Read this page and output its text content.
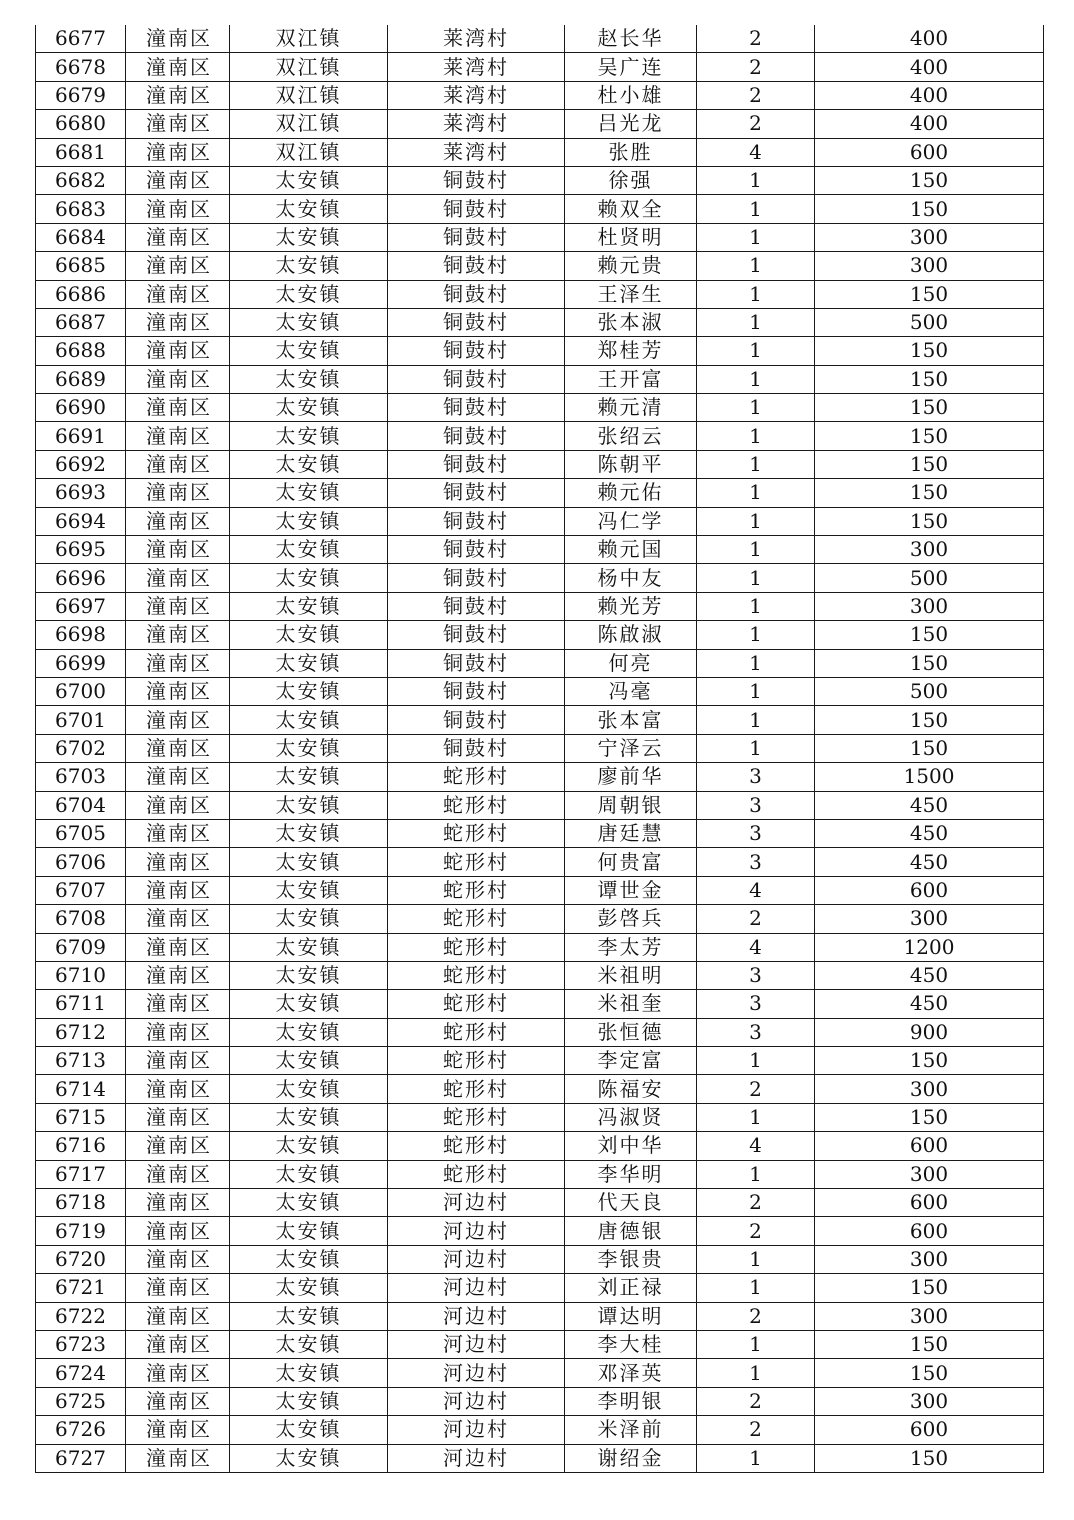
6677	潼南区	双江镇	莱湾村	赵长华	2	400
6678	潼南区	双江镇	莱湾村	吴广连	2	400
6679	潼南区	双江镇	莱湾村	杜小雄	2	400
6680	潼南区	双江镇	莱湾村	吕光龙	2	400
6681	潼南区	双江镇	莱湾村	张胜	4	600
6682	潼南区	太安镇	铜鼓村	徐强	1	150
6683	潼南区	太安镇	铜鼓村	赖双全	1	150
6684	潼南区	太安镇	铜鼓村	杜贤明	1	300
6685	潼南区	太安镇	铜鼓村	赖元贵	1	300
6686	潼南区	太安镇	铜鼓村	王泽生	1	150
6687	潼南区	太安镇	铜鼓村	张本淑	1	500
6688	潼南区	太安镇	铜鼓村	郑桂芳	1	150
6689	潼南区	太安镇	铜鼓村	王开富	1	150
6690	潼南区	太安镇	铜鼓村	赖元清	1	150
6691	潼南区	太安镇	铜鼓村	张绍云	1	150
6692	潼南区	太安镇	铜鼓村	陈朝平	1	150
6693	潼南区	太安镇	铜鼓村	赖元佑	1	150
6694	潼南区	太安镇	铜鼓村	冯仁学	1	150
6695	潼南区	太安镇	铜鼓村	赖元国	1	300
6696	潼南区	太安镇	铜鼓村	杨中友	1	500
6697	潼南区	太安镇	铜鼓村	赖光芳	1	300
6698	潼南区	太安镇	铜鼓村	陈啟淑	1	150
6699	潼南区	太安镇	铜鼓村	何亮	1	150
6700	潼南区	太安镇	铜鼓村	冯毫	1	500
6701	潼南区	太安镇	铜鼓村	张本富	1	150
6702	潼南区	太安镇	铜鼓村	宁泽云	1	150
6703	潼南区	太安镇	蛇形村	廖前华	3	1500
6704	潼南区	太安镇	蛇形村	周朝银	3	450
6705	潼南区	太安镇	蛇形村	唐廷慧	3	450
6706	潼南区	太安镇	蛇形村	何贵富	3	450
6707	潼南区	太安镇	蛇形村	谭世金	4	600
6708	潼南区	太安镇	蛇形村	彭啓兵	2	300
6709	潼南区	太安镇	蛇形村	李太芳	4	1200
6710	潼南区	太安镇	蛇形村	米祖明	3	450
6711	潼南区	太安镇	蛇形村	米祖奎	3	450
6712	潼南区	太安镇	蛇形村	张恒德	3	900
6713	潼南区	太安镇	蛇形村	李定富	1	150
6714	潼南区	太安镇	蛇形村	陈福安	2	300
6715	潼南区	太安镇	蛇形村	冯淑贤	1	150
6716	潼南区	太安镇	蛇形村	刘中华	4	600
6717	潼南区	太安镇	蛇形村	李华明	1	300
6718	潼南区	太安镇	河边村	代天良	2	600
6719	潼南区	太安镇	河边村	唐德银	2	600
6720	潼南区	太安镇	河边村	李银贵	1	300
6721	潼南区	太安镇	河边村	刘正禄	1	150
6722	潼南区	太安镇	河边村	谭达明	2	300
6723	潼南区	太安镇	河边村	李大桂	1	150
6724	潼南区	太安镇	河边村	邓泽英	1	150
6725	潼南区	太安镇	河边村	李明银	2	300
6726	潼南区	太安镇	河边村	米泽前	2	600
6727	潼南区	太安镇	河边村	谢绍金	1	150
